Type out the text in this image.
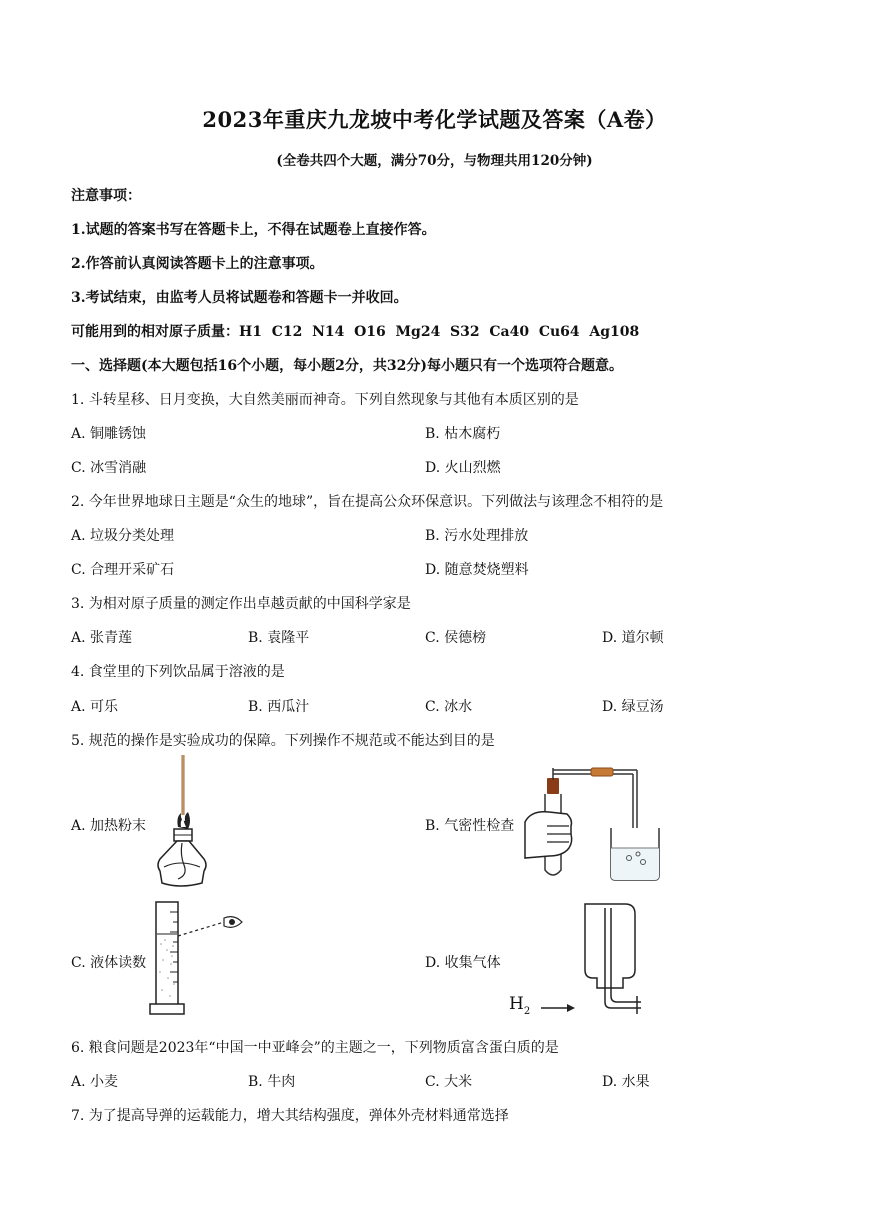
2023年重庆九龙坡中考化学试题及答案（A卷）
(全卷共四个大题，满分70分，与物理共用120分钟)
注意事项：
1.试题的答案书写在答题卡上，不得在试题卷上直接作答。
2.作答前认真阅读答题卡上的注意事项。
3.考试结束，由监考人员将试题卷和答题卡一并收回。
可能用到的相对原子质量：H1  C12  N14  O16  Mg24  S32  Ca40  Cu64  Ag108
一、选择题(本大题包括16个小题，每小题2分，共32分)每小题只有一个选项符合题意。
1. 斗转星移、日月变换，大自然美丽而神奇。下列自然现象与其他有本质区别的是
A. 铜雕锈蚀	B. 枯木腐朽
C. 冰雪消融	D. 火山烈燃
2. 今年世界地球日主题是“众生的地球”，旨在提高公众环保意识。下列做法与该理念不相符的是
A. 垃圾分类处理	B. 污水处理排放
C. 合理开采矿石	D. 随意焚烧塑料
3. 为相对原子质量的测定作出卓越贡献的中国科学家是
A. 张青莲	B. 袁隆平	C. 侯德榜	D. 道尔顿
4. 食堂里的下列饮品属于溶液的是
A. 可乐	B. 西瓜汁	C. 冰水	D. 绿豆汤
5. 规范的操作是实验成功的保障。下列操作不规范或不能达到目的是
A. 加热粉末	B. 气密性检查
C. 液体读数	D. 收集气体
$H_2$
6. 粮食问题是2023年“中国一中亚峰会”的主题之一，下列物质富含蛋白质的是
A. 小麦	B. 牛肉	C. 大米	D. 水果
7. 为了提高导弹的运载能力，增大其结构强度，弹体外壳材料通常选择
